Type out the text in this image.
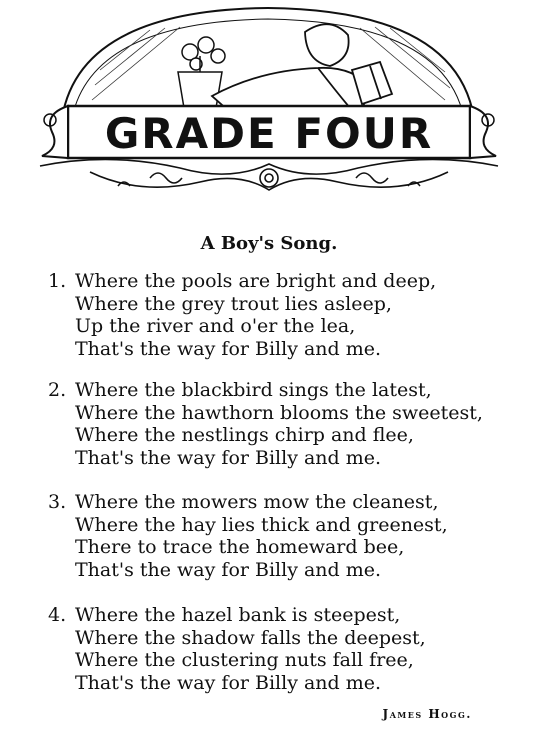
GRADE FOUR
A Boy's Song.
1. Where the pools are bright and deep,
Where the grey trout lies asleep,
Up the river and o'er the lea,
That's the way for Billy and me.
2. Where the blackbird sings the latest,
Where the hawthorn blooms the sweetest,
Where the nestlings chirp and flee,
That's the way for Billy and me.
3. Where the mowers mow the cleanest,
Where the hay lies thick and greenest,
There to trace the homeward bee,
That's the way for Billy and me.
4. Where the hazel bank is steepest,
Where the shadow falls the deepest,
Where the clustering nuts fall free,
That's the way for Billy and me.
James Hogg.
